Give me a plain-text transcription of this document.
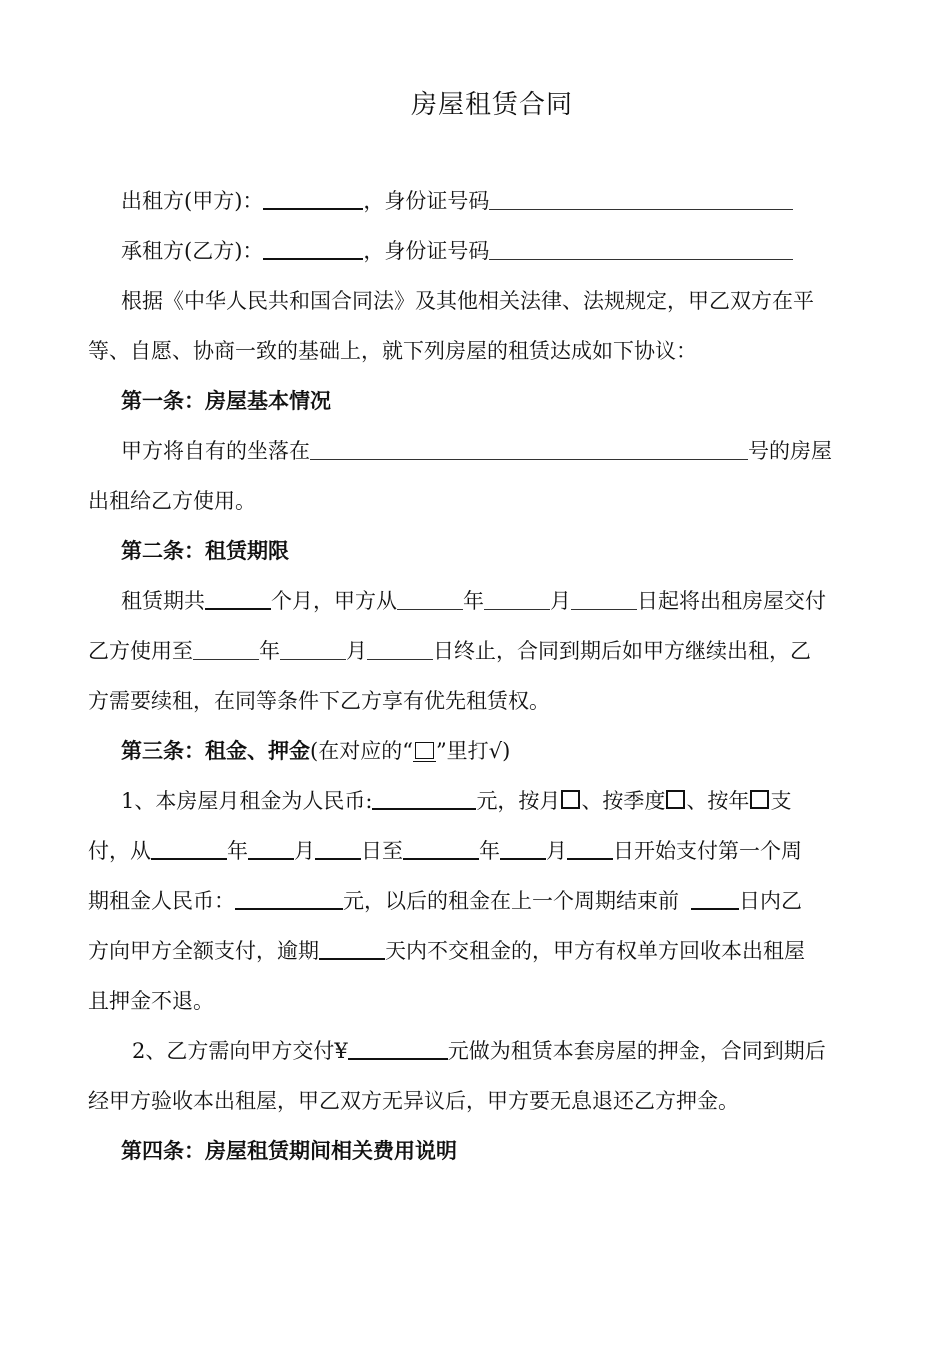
房屋租赁合同
出租方(甲方)：	，身份证号码
承租方(乙方)：	，身份证号码
根据《中华人民共和国合同法》及其他相关法律、法规规定，甲乙双方在平
等、自愿、协商一致的基础上，就下列房屋的租赁达成如下协议：
第一条：房屋基本情况
甲方将自有的坐落在	号的房屋
出租给乙方使用。
第二条：租赁期限
租赁期共	个月，甲方从	年	月	日起将出租房屋交付
乙方使用至	年	月	日终止，合同到期后如甲方继续出租，乙
方需要续租，在同等条件下乙方享有优先租赁权。
第三条：租金、押金(在对应的“ ”里打√)
1、本房屋月租金为人民币:	元，按月 、按季度 、按年 支
付，从	年 月 日至	年 月 日开始支付第一个周
期租金人民币：	元，以后的租金在上一个周期结束前	日内乙
方向甲方全额支付，逾期	天内不交租金的，甲方有权单方回收本出租屋
且押金不退。
2、乙方需向甲方交付¥	元做为租赁本套房屋的押金，合同到期后
经甲方验收本出租屋，甲乙双方无异议后，甲方要无息退还乙方押金。
第四条：房屋租赁期间相关费用说明
